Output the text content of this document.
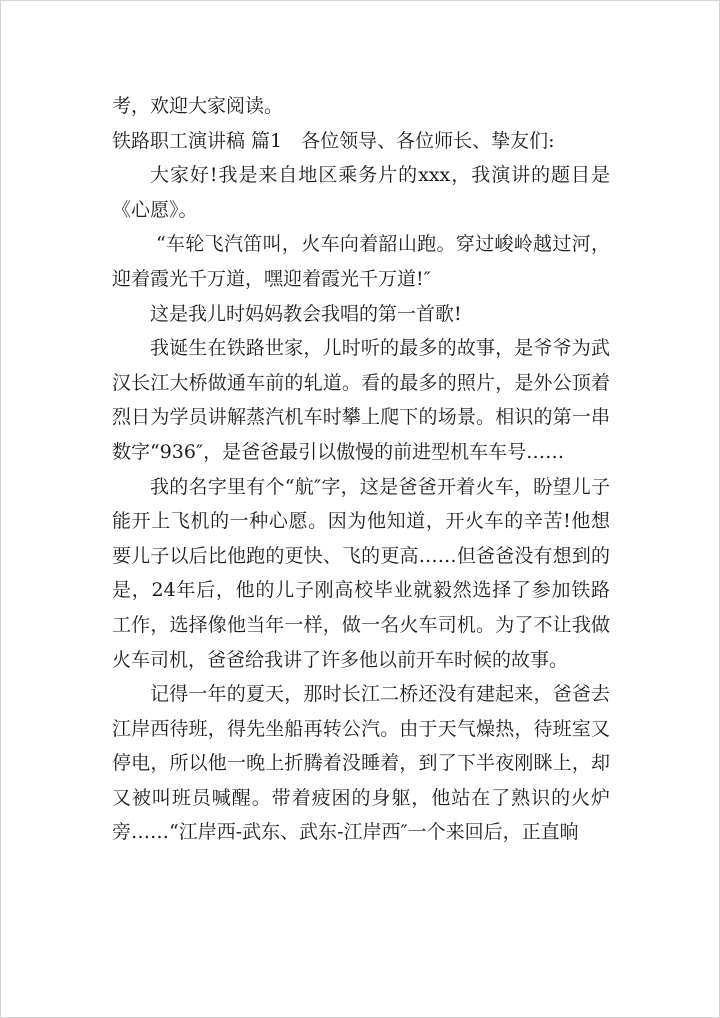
考，欢迎大家阅读。

铁路职工演讲稿 篇1　各位领导、各位师长、挚友们:

大家好!我是来自地区乘务片的xxx，我演讲的题目是《心愿》。

“车轮飞汽笛叫，火车向着韶山跑。穿过峻岭越过河，迎着霞光千万道，嘿迎着霞光千万道!″

这是我儿时妈妈教会我唱的第一首歌!

我诞生在铁路世家，儿时听的最多的故事，是爷爷为武汉长江大桥做通车前的轧道。看的最多的照片，是外公顶着烈日为学员讲解蒸汽机车时攀上爬下的场景。相识的第一串数字“936″，是爸爸最引以傲慢的前进型机车车号……

我的名字里有个“航″字，这是爸爸开着火车，盼望儿子能开上飞机的一种心愿。因为他知道，开火车的辛苦!他想要儿子以后比他跑的更快、飞的更高……但爸爸没有想到的是，24年后，他的儿子刚高校毕业就毅然选择了参加铁路工作，选择像他当年一样，做一名火车司机。为了不让我做火车司机，爸爸给我讲了许多他以前开车时候的故事。

记得一年的夏天，那时长江二桥还没有建起来，爸爸去江岸西待班，得先坐船再转公汽。由于天气燥热，待班室又停电，所以他一晚上折腾着没睡着，到了下半夜刚眯上，却又被叫班员喊醒。带着疲困的身躯，他站在了熟识的火炉旁……“江岸西-武东、武东-江岸西″一个来回后，正直晌
